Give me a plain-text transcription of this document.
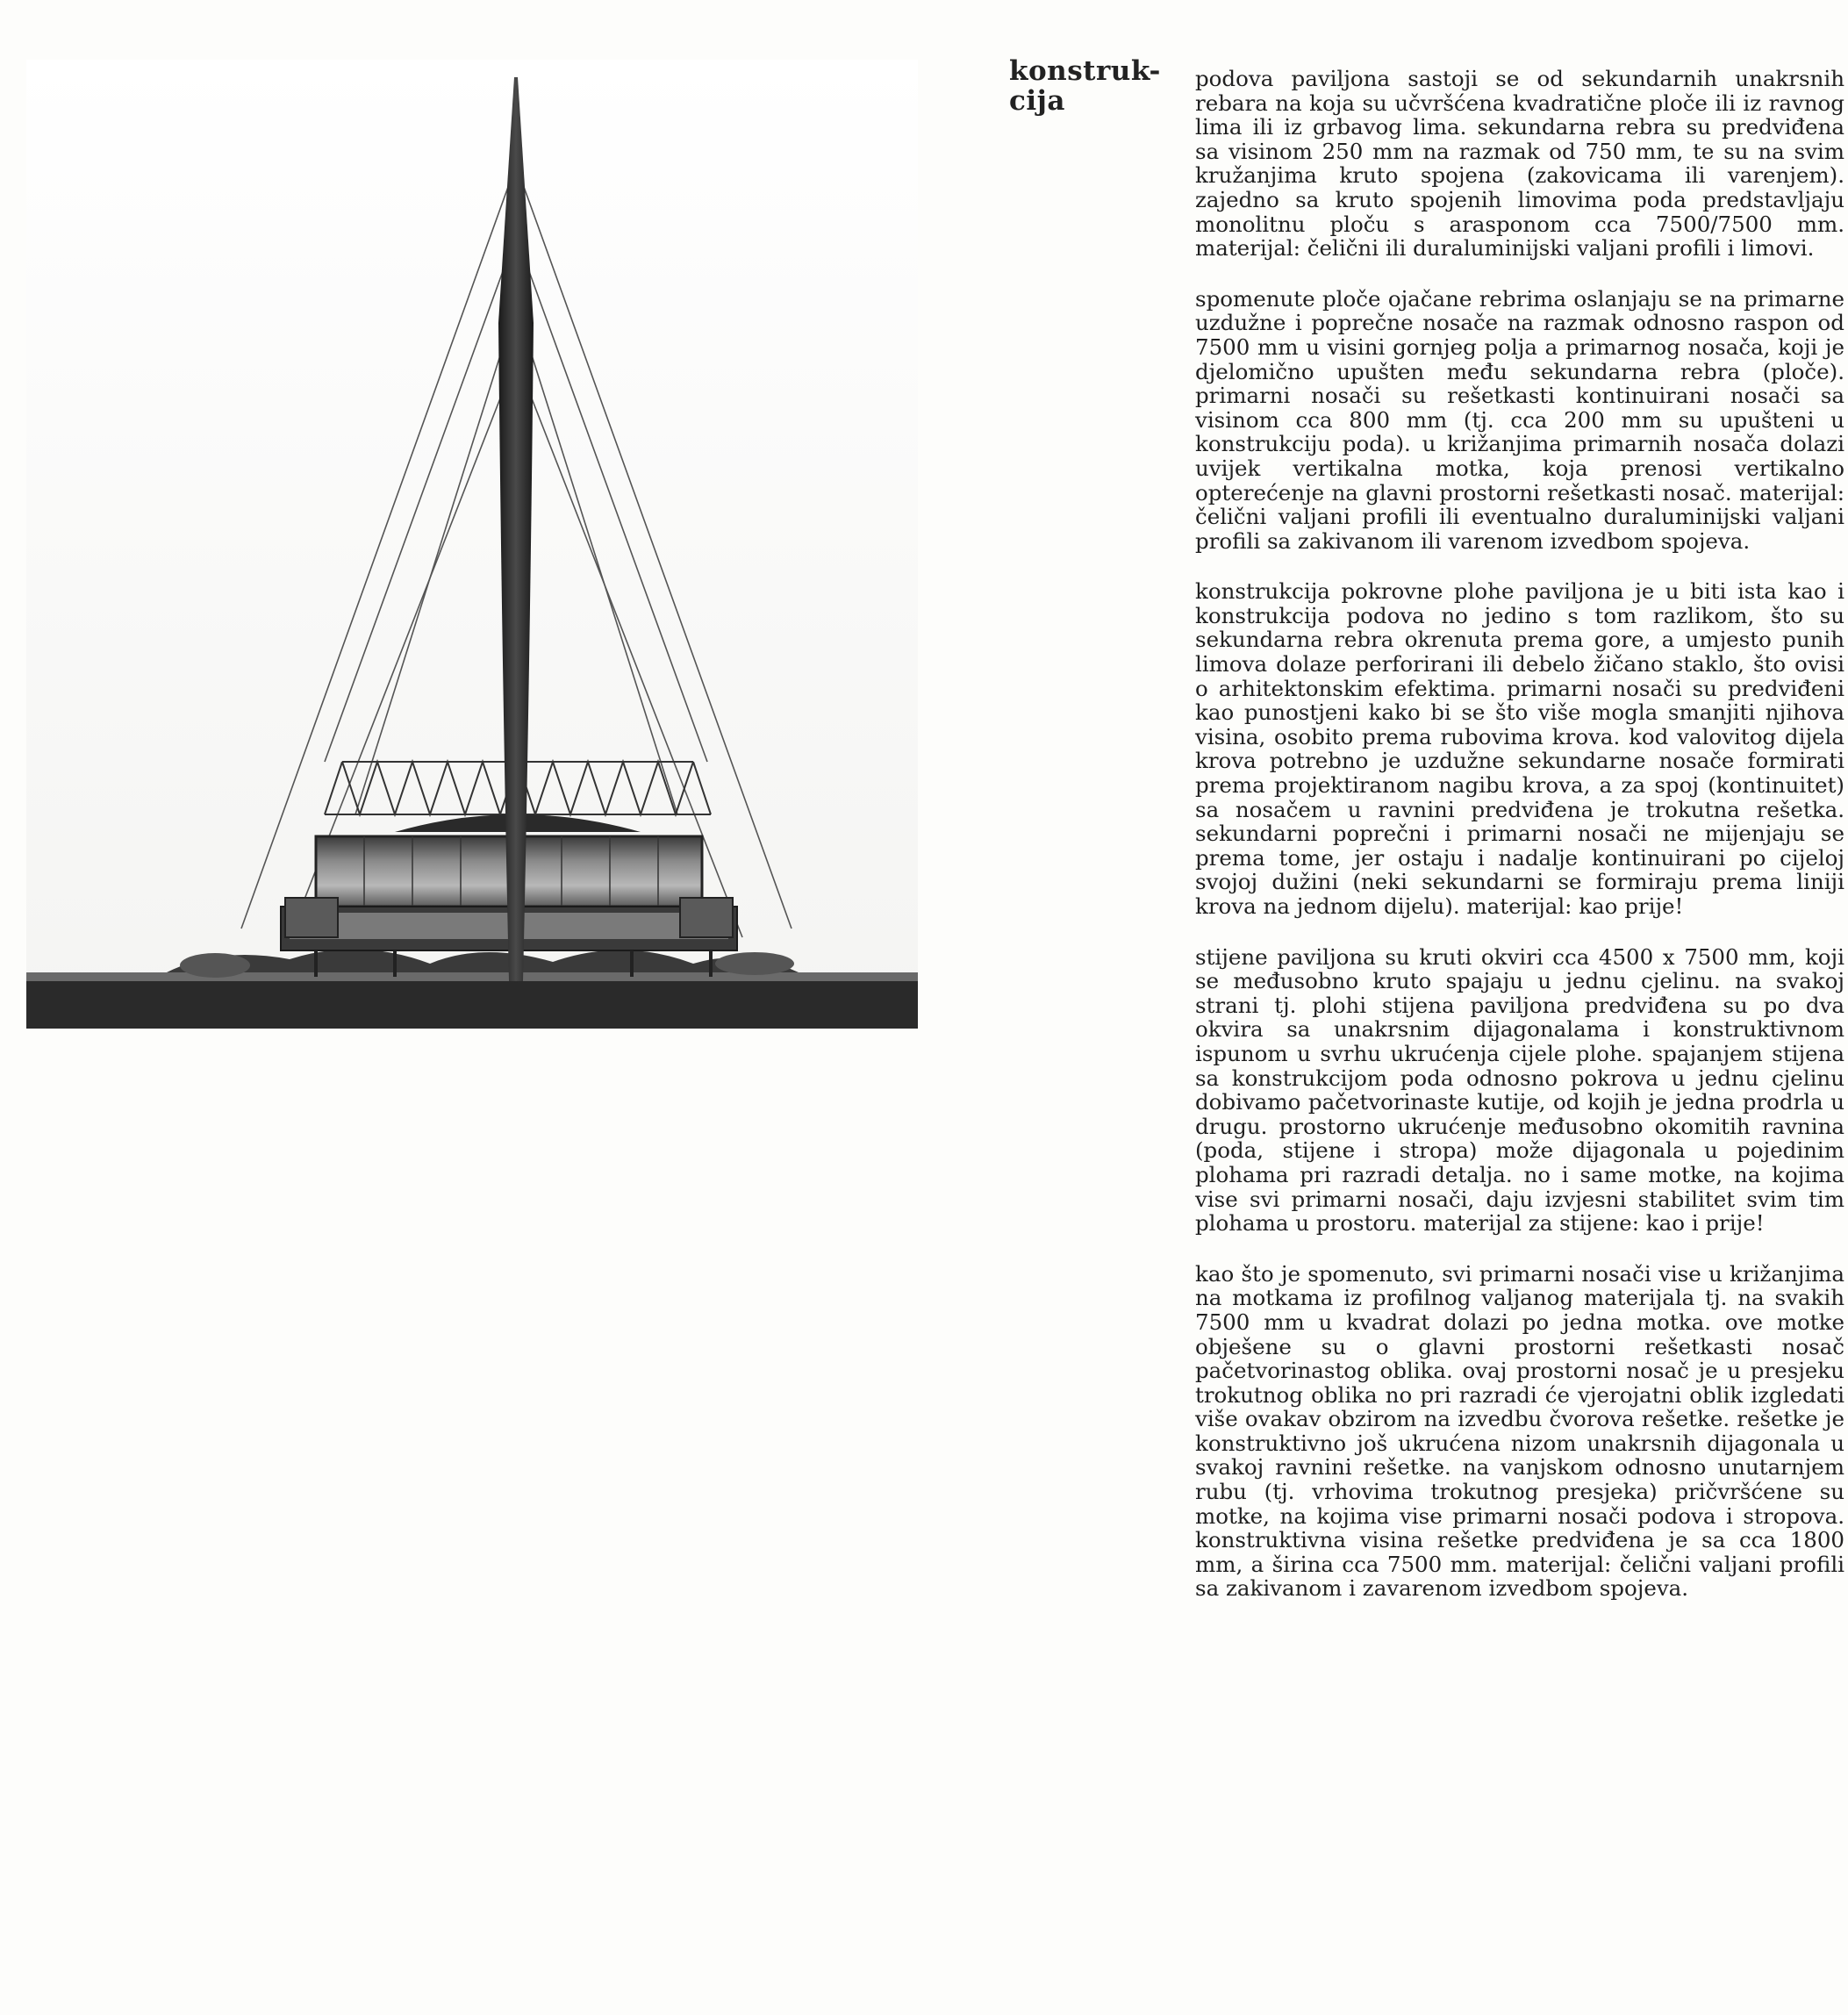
konstruk-
cija

podova paviljona sastoji se od sekundarnih unakrsnih rebara na koja su učvršćena kvadratične ploče ili iz ravnog lima ili iz grbavog lima. sekundarna rebra su predviđena sa visinom 250 mm na razmak od 750 mm, te su na svim kružanjima kruto spojena (zakovicama ili varenjem). zajedno sa kruto spojenih limovima poda predstavljaju monolitnu ploču s arasponom cca 7500/7500 mm. materijal: čelični ili duraluminijski valjani profili i limovi.

spomenute ploče ojačane rebrima oslanjaju se na primarne uzdužne i poprečne nosače na razmak odnosno raspon od 7500 mm u visini gornjeg polja a primarnog nosača, koji je djelomično upušten među sekundarna rebra (ploče). primarni nosači su rešetkasti kontinuirani nosači sa visinom cca 800 mm (tj. cca 200 mm su upušteni u konstrukciju poda). u križanjima primarnih nosača dolazi uvijek vertikalna motka, koja prenosi vertikalno opterećenje na glavni prostorni rešetkasti nosač. materijal: čelični valjani profili ili eventualno duraluminijski valjani profili sa zakivanom ili varenom izvedbom spojeva.

konstrukcija pokrovne plohe paviljona je u biti ista kao i konstrukcija podova no jedino s tom razlikom, što su sekundarna rebra okrenuta prema gore, a umjesto punih limova dolaze perforirani ili debelo žičano staklo, što ovisi o arhitektonskim efektima. primarni nosači su predviđeni kao punostjeni kako bi se što više mogla smanjiti njihova visina, osobito prema rubovima krova. kod valovitog dijela krova potrebno je uzdužne sekundarne nosače formirati prema projektiranom nagibu krova, a za spoj (kontinuitet) sa nosačem u ravnini predviđena je trokutna rešetka. sekundarni poprečni i primarni nosači ne mijenjaju se prema tome, jer ostaju i nadalje kontinuirani po cijeloj svojoj dužini (neki sekundarni se formiraju prema liniji krova na jednom dijelu). materijal: kao prije!

stijene paviljona su kruti okviri cca 4500 x 7500 mm, koji se međusobno kruto spajaju u jednu cjelinu. na svakoj strani tj. plohi stijena paviljona predviđena su po dva okvira sa unakrsnim dijagonalama i konstruktivnom ispunom u svrhu ukrućenja cijele plohe. spajanjem stijena sa konstrukcijom poda odnosno pokrova u jednu cjelinu dobivamo pačetvorinaste kutije, od kojih je jedna prodrla u drugu. prostorno ukrućenje međusobno okomitih ravnina (poda, stijene i stropa) može dijagonala u pojedinim plohama pri razradi detalja. no i same motke, na kojima vise svi primarni nosači, daju izvjesni stabilitet svim tim plohama u prostoru. materijal za stijene: kao i prije!

kao što je spomenuto, svi primarni nosači vise u križanjima na motkama iz profilnog valjanog materijala tj. na svakih 7500 mm u kvadrat dolazi po jedna motka. ove motke obješene su o glavni prostorni rešetkasti nosač pačetvorinastog oblika. ovaj prostorni nosač je u presjeku trokutnog oblika no pri razradi će vjerojatni oblik izgledati više ovakav obzirom na izvedbu čvorova rešetke. rešetke je konstruktivno još ukrućena nizom unakrsnih dijagonala u svakoj ravnini rešetke. na vanjskom odnosno unutarnjem rubu (tj. vrhovima trokutnog presjeka) pričvršćene su motke, na kojima vise primarni nosači podova i stropova. konstruktivna visina rešetke predviđena je sa cca 1800 mm, a širina cca 7500 mm. materijal: čelični valjani profili sa zakivanom i zavarenom izvedbom spojeva.
